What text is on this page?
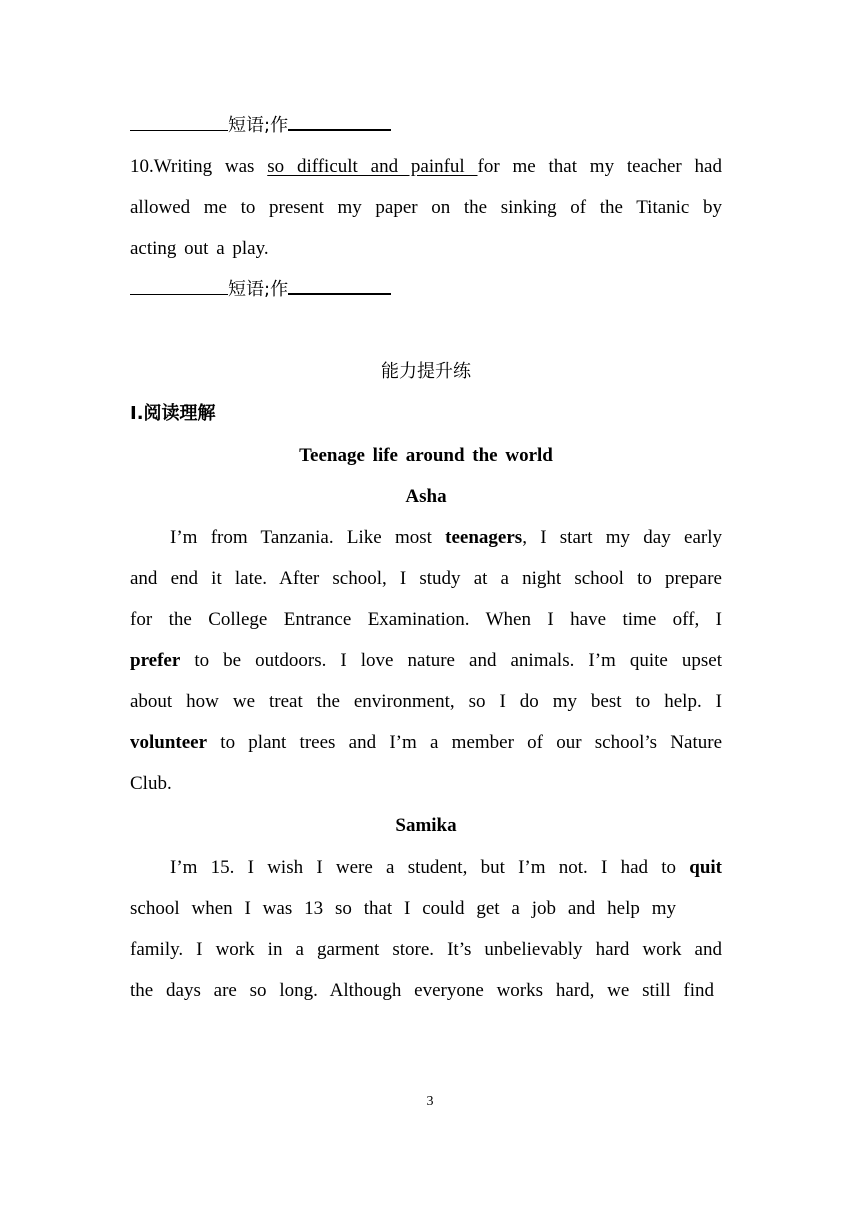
短语;作
10.Writing was so difficult and painful for me that my teacher had
allowed me to present my paper on the sinking of the Titanic by
acting out a play.
短语;作
能力提升练
Ⅰ.阅读理解
Teenage life around the world
Asha
I’m from Tanzania. Like most teenagers, I start my day early
and end it late. After school, I study at a night school to prepare
for the College Entrance Examination. When I have time off, I
prefer to be outdoors. I love nature and animals. I’m quite upset
about how we treat the environment, so I do my best to help. I
volunteer to plant trees and I’m a member of our school’s Nature
Club.
Samika
I’m 15. I wish I were a student, but I’m not. I had to quit
school when I was 13 so that I could get a job and help my
family. I work in a garment store. It’s unbelievably hard work and
the days are so long. Although everyone works hard, we still find
3
